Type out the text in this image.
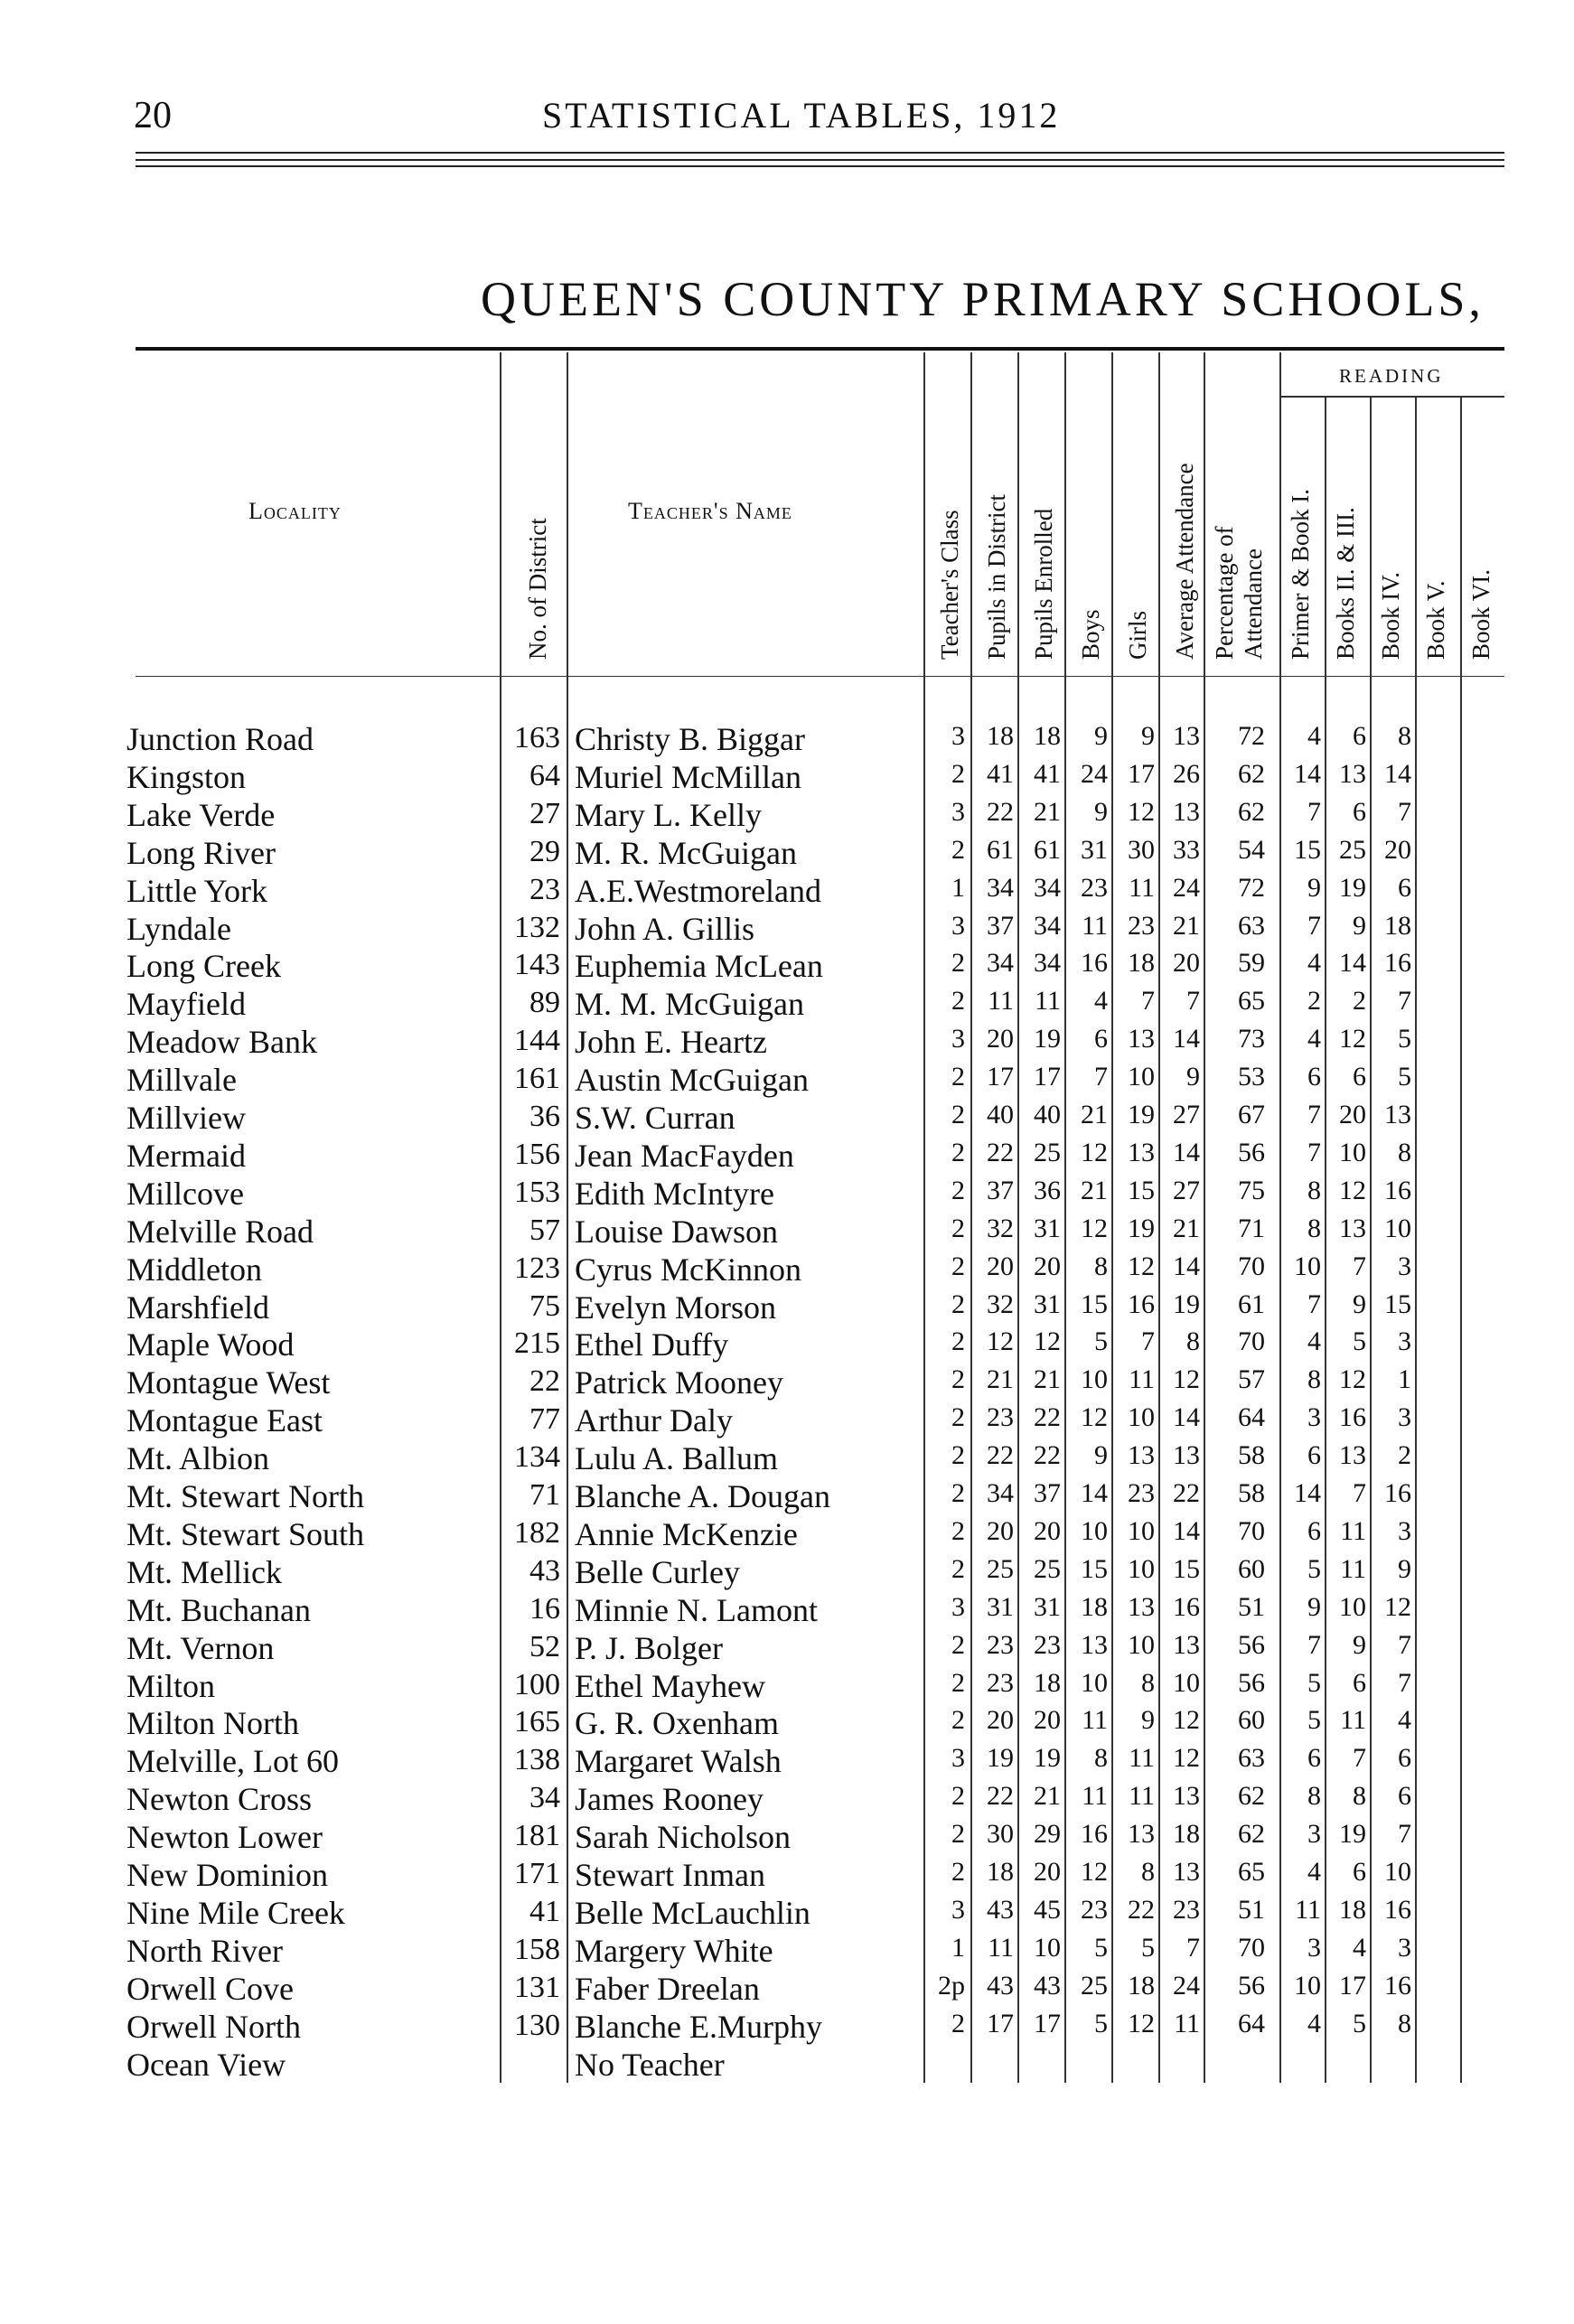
20	STATISTICAL TABLES, 1912
QUEEN'S COUNTY PRIMARY SCHOOLS,
Locality	Teacher's Name
READING
No. of District	Teacher's Class Pupils in District Pupils Enrolled Boys Girls Average Attendance Percentage of Attendance Primer & Book I. Books II. & III. Book IV. Book V. Book VI.
Junction Road	163 Christy B. Biggar	3 18 18 9 9 13 72 4 6 8
Kingston	64 Muriel McMillan	2 41 41 24 17 26 62 14 13 14
Lake Verde	27 Mary L. Kelly	3 22 21 9 12 13 62 7 6 7
Long River	29 M. R. McGuigan	2 61 61 31 30 33 54 15 25 20
Little York	23 A.E.Westmoreland	1 34 34 23 11 24 72 9 19 6
Lyndale	132 John A. Gillis	3 37 34 11 23 21 63 7 9 18
Long Creek	143 Euphemia McLean	2 34 34 16 18 20 59 4 14 16
Mayfield	89 M. M. McGuigan	2 11 11 4 7 7 65 2 2 7
Meadow Bank	144 John E. Heartz	3 20 19 6 13 14 73 4 12 5
Millvale	161 Austin McGuigan	2 17 17 7 10 9 53 6 6 5
Millview	36 S.W. Curran	2 40 40 21 19 27 67 7 20 13
Mermaid	156 Jean MacFayden	2 22 25 12 13 14 56 7 10 8
Millcove	153 Edith McIntyre	2 37 36 21 15 27 75 8 12 16
Melville Road	57 Louise Dawson	2 32 31 12 19 21 71 8 13 10
Middleton	123 Cyrus McKinnon	2 20 20 8 12 14 70 10 7 3
Marshfield	75 Evelyn Morson	2 32 31 15 16 19 61 7 9 15
Maple Wood	215 Ethel Duffy	2 12 12 5 7 8 70 4 5 3
Montague West	22 Patrick Mooney	2 21 21 10 11 12 57 8 12 1
Montague East	77 Arthur Daly	2 23 22 12 10 14 64 3 16 3
Mt. Albion	134 Lulu A. Ballum	2 22 22 9 13 13 58 6 13 2
Mt. Stewart North	71 Blanche A. Dougan	2 34 37 14 23 22 58 14 7 16
Mt. Stewart South	182 Annie McKenzie	2 20 20 10 10 14 70 6 11 3
Mt. Mellick	43 Belle Curley	2 25 25 15 10 15 60 5 11 9
Mt. Buchanan	16 Minnie N. Lamont	3 31 31 18 13 16 51 9 10 12
Mt. Vernon	52 P. J. Bolger	2 23 23 13 10 13 56 7 9 7
Milton	100 Ethel Mayhew	2 23 18 10 8 10 56 5 6 7
Milton North	165 G. R. Oxenham	2 20 20 11 9 12 60 5 11 4
Melville, Lot 60	138 Margaret Walsh	3 19 19 8 11 12 63 6 7 6
Newton Cross	34 James Rooney	2 22 21 11 11 13 62 8 8 6
Newton Lower	181 Sarah Nicholson	2 30 29 16 13 18 62 3 19 7
New Dominion	171 Stewart Inman	2 18 20 12 8 13 65 4 6 10
Nine Mile Creek	41 Belle McLauchlin	3 43 45 23 22 23 51 11 18 16
North River	158 Margery White	1 11 10 5 5 7 70 3 4 3
Orwell Cove	131 Faber Dreelan	2p 43 43 25 18 24 56 10 17 16
Orwell North	130 Blanche E.Murphy	2 17 17 5 12 11 64 4 5 8
Ocean View	No Teacher
